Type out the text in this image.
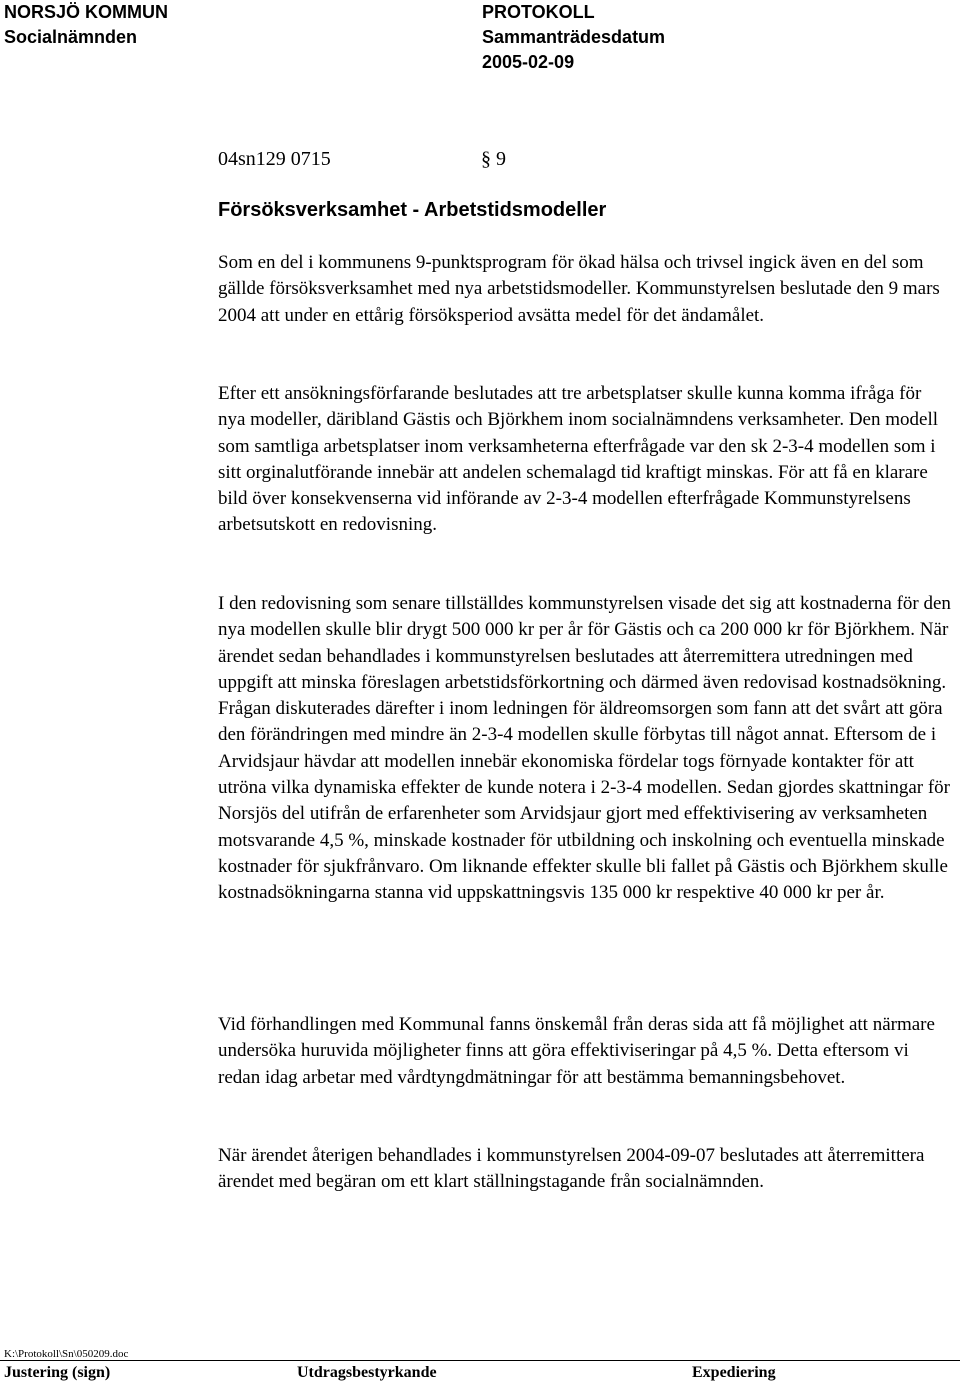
NORSJÖ KOMMUN
Socialnämnden
PROTOKOLL
Sammanträdesdatum
2005-02-09
04sn129 0715	§ 9
Försöksverksamhet - Arbetstidsmodeller

Som en del i kommunens 9-punktsprogram för ökad hälsa och trivsel ingick även en del som gällde försöksverksamhet med nya arbetstidsmodeller. Kommunstyrelsen beslutade den 9 mars 2004 att under en ettårig försöksperiod avsätta medel för det ändamålet.

Efter ett ansökningsförfarande beslutades att tre arbetsplatser skulle kunna komma ifråga för nya modeller, däribland Gästis och Björkhem inom socialnämndens verksamheter. Den modell som samtliga arbetsplatser inom verksamheterna efterfrågade var den sk 2-3-4 modellen som i sitt orginalutförande innebär att andelen schemalagd tid kraftigt minskas. För att få en klarare bild över konsekvenserna vid införande av 2-3-4 modellen efterfrågade Kommunstyrelsens arbetsutskott en redovisning.

I den redovisning som senare tillställdes kommunstyrelsen visade det sig att kostnaderna för den nya modellen skulle blir drygt 500 000 kr per år för Gästis och ca 200 000 kr för Björkhem. När ärendet sedan behandlades i kommunstyrelsen beslutades att återremittera utredningen med uppgift att minska föreslagen arbetstidsförkortning och därmed även redovisad kostnadsökning. Frågan diskuterades därefter i inom ledningen för äldreomsorgen som fann att det svårt att göra den förändringen med mindre än 2-3-4 modellen skulle förbytas till något annat. Eftersom de i Arvidsjaur hävdar att modellen innebär ekonomiska fördelar togs förnyade kontakter för att utröna vilka dynamiska effekter de kunde notera i 2-3-4 modellen. Sedan gjordes skattningar för Norsjös del utifrån de erfarenheter som Arvidsjaur gjort med effektivisering av verksamheten motsvarande 4,5 %, minskade kostnader för utbildning och inskolning och eventuella minskade kostnader för sjukfrånvaro. Om liknande effekter skulle bli fallet på Gästis och Björkhem skulle kostnadsökningarna stanna vid uppskattningsvis 135 000 kr respektive 40 000 kr per år.

Vid förhandlingen med Kommunal fanns önskemål från deras sida att få möjlighet att närmare undersöka huruvida möjligheter finns att göra effektiviseringar på 4,5 %. Detta eftersom vi redan idag arbetar med vårdtyngdmätningar för att bestämma bemanningsbehovet.

När ärendet återigen behandlades i kommunstyrelsen 2004-09-07 beslutades att återremittera ärendet med begäran om ett klart ställningstagande från socialnämnden.

K:\Protokoll\Sn\050209.doc
Justering (sign)	Utdragsbestyrkande	Expediering
